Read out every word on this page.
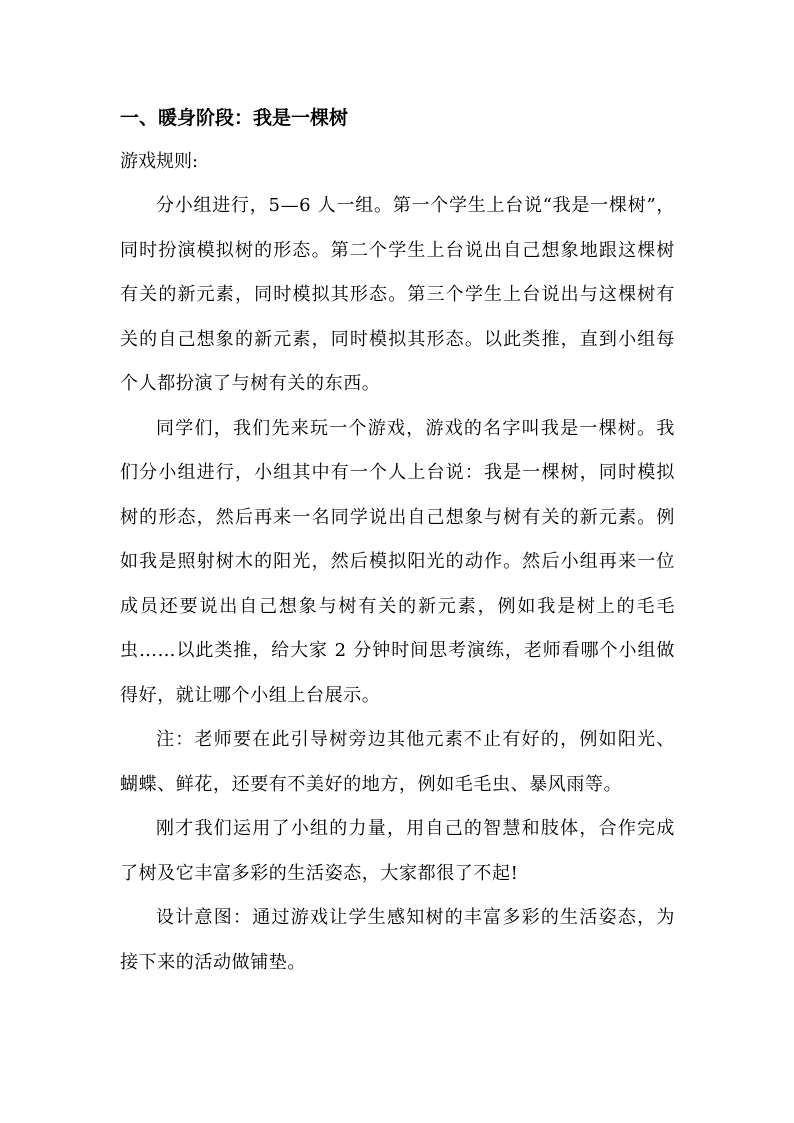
一、暖身阶段：我是一棵树

游戏规则:

分小组进行，5—6 人一组。第一个学生上台说“我是一棵树”，同时扮演模拟树的形态。第二个学生上台说出自己想象地跟这棵树有关的新元素，同时模拟其形态。第三个学生上台说出与这棵树有关的自己想象的新元素，同时模拟其形态。以此类推，直到小组每个人都扮演了与树有关的东西。

同学们，我们先来玩一个游戏，游戏的名字叫我是一棵树。我们分小组进行，小组其中有一个人上台说：我是一棵树，同时模拟树的形态，然后再来一名同学说出自己想象与树有关的新元素。例如我是照射树木的阳光，然后模拟阳光的动作。然后小组再来一位成员还要说出自己想象与树有关的新元素，例如我是树上的毛毛虫……以此类推，给大家 2 分钟时间思考演练，老师看哪个小组做得好，就让哪个小组上台展示。

注：老师要在此引导树旁边其他元素不止有好的，例如阳光、蝴蝶、鲜花，还要有不美好的地方，例如毛毛虫、暴风雨等。

刚才我们运用了小组的力量，用自己的智慧和肢体，合作完成了树及它丰富多彩的生活姿态，大家都很了不起!

设计意图：通过游戏让学生感知树的丰富多彩的生活姿态，为接下来的活动做铺垫。
